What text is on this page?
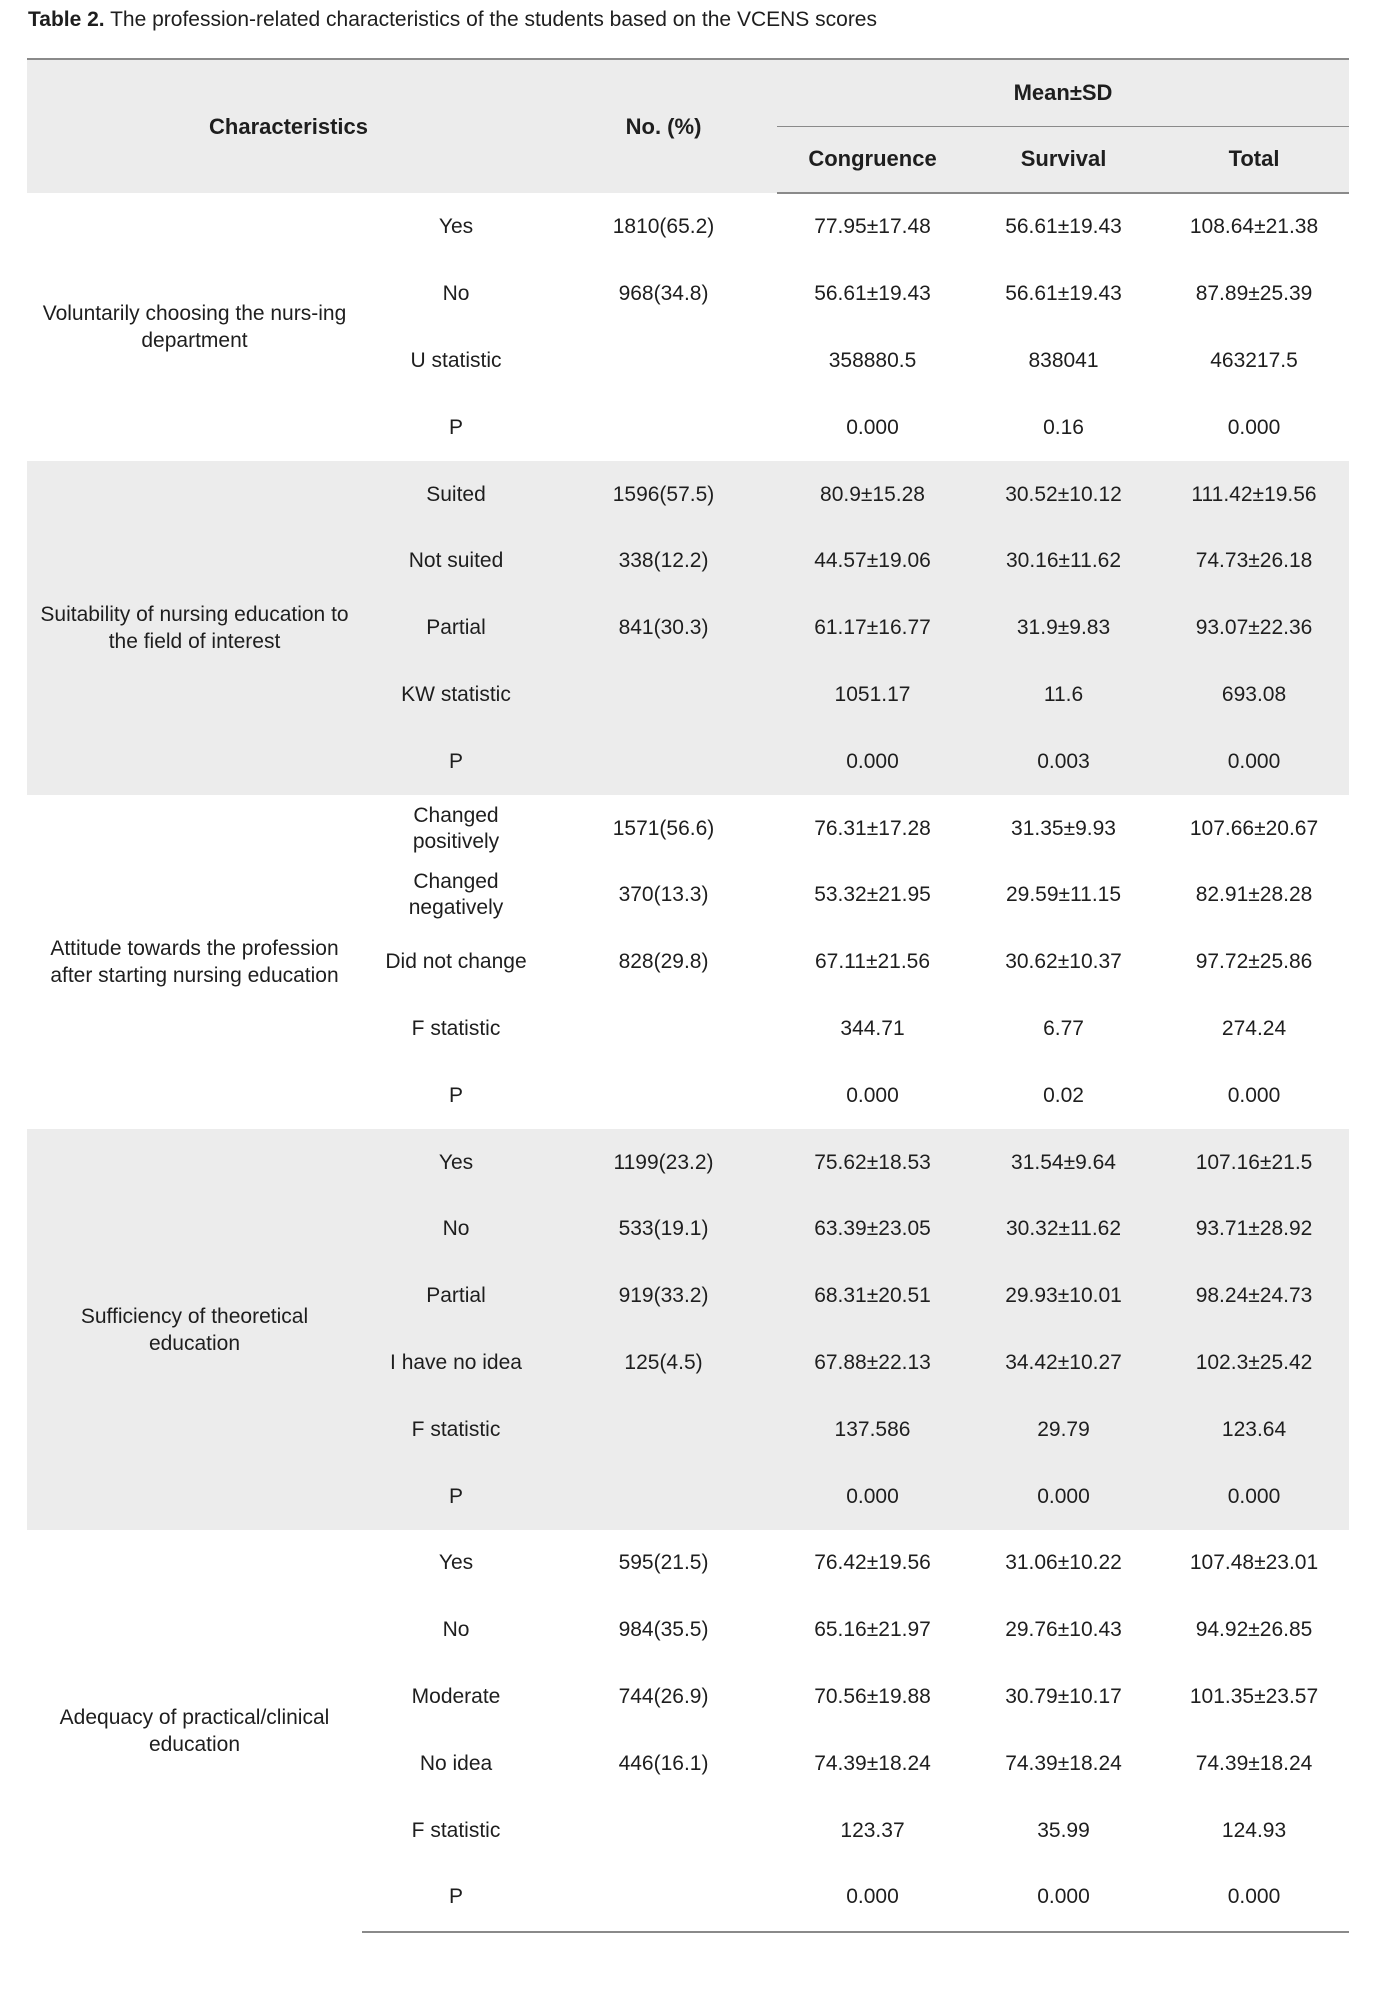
Table 2. The profession-related characteristics of the students based on the VCENS scores
Characteristics		No. (%)	Mean±SD		
			Congruence	Survival	Total
Voluntarily choosing the nurs-ing department	Yes	1810(65.2)	77.95±17.48	56.61±19.43	108.64±21.38
	No	968(34.8)	56.61±19.43	56.61±19.43	87.89±25.39
	U statistic		358880.5	838041	463217.5
	P		0.000	0.16	0.000
Suitability of nursing education to the field of interest	Suited	1596(57.5)	80.9±15.28	30.52±10.12	111.42±19.56
	Not suited	338(12.2)	44.57±19.06	30.16±11.62	74.73±26.18
	Partial	841(30.3)	61.17±16.77	31.9±9.83	93.07±22.36
	KW statistic		1051.17	11.6	693.08
	P		0.000	0.003	0.000
Attitude towards the profession after starting nursing education	Changed positively	1571(56.6)	76.31±17.28	31.35±9.93	107.66±20.67
	Changed negatively	370(13.3)	53.32±21.95	29.59±11.15	82.91±28.28
	Did not change	828(29.8)	67.11±21.56	30.62±10.37	97.72±25.86
	F statistic		344.71	6.77	274.24
	P		0.000	0.02	0.000
Sufficiency of theoretical education	Yes	1199(23.2)	75.62±18.53	31.54±9.64	107.16±21.5
	No	533(19.1)	63.39±23.05	30.32±11.62	93.71±28.92
	Partial	919(33.2)	68.31±20.51	29.93±10.01	98.24±24.73
	I have no idea	125(4.5)	67.88±22.13	34.42±10.27	102.3±25.42
	F statistic		137.586	29.79	123.64
	P		0.000	0.000	0.000
Adequacy of practical/clinical education	Yes	595(21.5)	76.42±19.56	31.06±10.22	107.48±23.01
	No	984(35.5)	65.16±21.97	29.76±10.43	94.92±26.85
	Moderate	744(26.9)	70.56±19.88	30.79±10.17	101.35±23.57
	No idea	446(16.1)	74.39±18.24	74.39±18.24	74.39±18.24
	F statistic		123.37	35.99	124.93
	P		0.000	0.000	0.000
